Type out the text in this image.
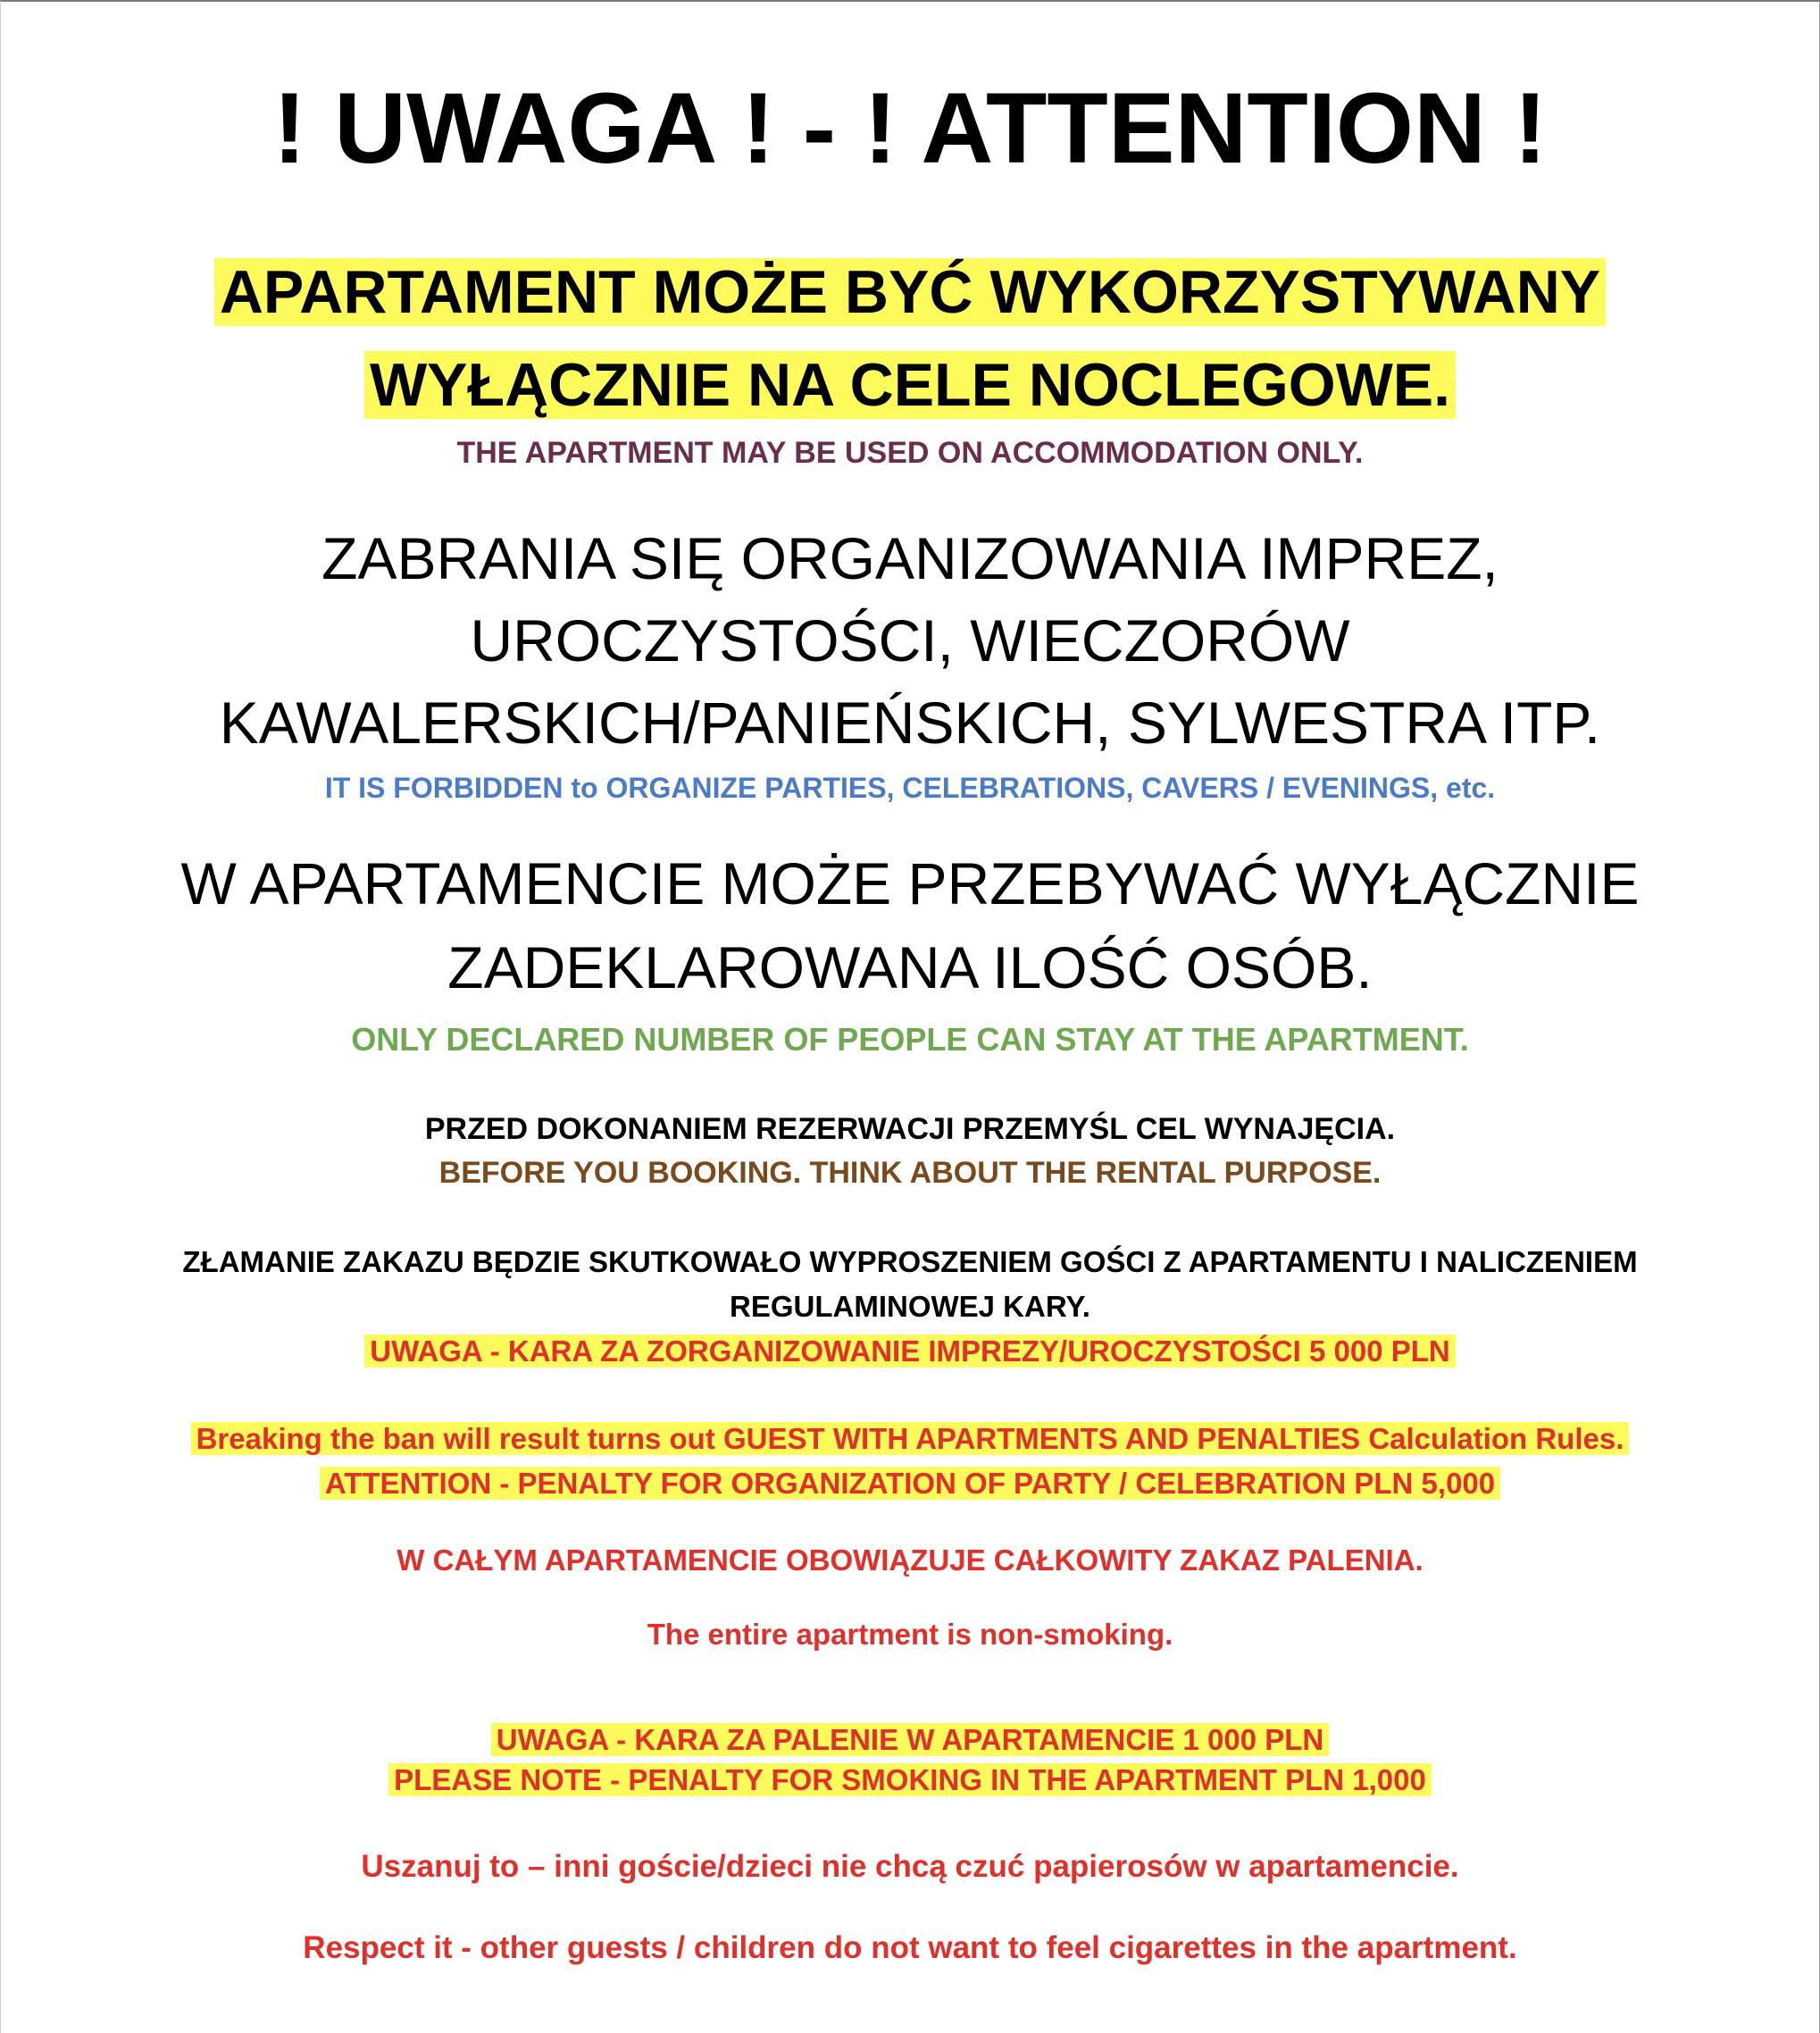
! UWAGA ! - ! ATTENTION !
APARTAMENT MOŻE BYĆ WYKORZYSTYWANY
WYŁĄCZNIE NA CELE NOCLEGOWE.
THE APARTMENT MAY BE USED ON ACCOMMODATION ONLY.
ZABRANIA SIĘ ORGANIZOWANIA IMPREZ,
UROCZYSTOŚCI, WIECZORÓW
KAWALERSKICH/PANIEŃSKICH, SYLWESTRA ITP.
IT IS FORBIDDEN to ORGANIZE PARTIES, CELEBRATIONS, CAVERS / EVENINGS, etc.
W APARTAMENCIE MOŻE PRZEBYWAĆ WYŁĄCZNIE
ZADEKLAROWANA ILOŚĆ OSÓB.
ONLY DECLARED NUMBER OF PEOPLE CAN STAY AT THE APARTMENT.
PRZED DOKONANIEM REZERWACJI PRZEMYŚL CEL WYNAJĘCIA.
BEFORE YOU BOOKING. THINK ABOUT THE RENTAL PURPOSE.
ZŁAMANIE ZAKAZU BĘDZIE SKUTKOWAŁO WYPROSZENIEM GOŚCI Z APARTAMENTU I NALICZENIEM
REGULAMINOWEJ KARY.
UWAGA - KARA ZA ZORGANIZOWANIE IMPREZY/UROCZYSTOŚCI 5 000 PLN
Breaking the ban will result turns out GUEST WITH APARTMENTS AND PENALTIES Calculation Rules.
ATTENTION - PENALTY FOR ORGANIZATION OF PARTY / CELEBRATION PLN 5,000
W CAŁYM APARTAMENCIE OBOWIĄZUJE CAŁKOWITY ZAKAZ PALENIA.
The entire apartment is non-smoking.
UWAGA - KARA ZA PALENIE W APARTAMENCIE 1 000 PLN
PLEASE NOTE - PENALTY FOR SMOKING IN THE APARTMENT PLN 1,000
Uszanuj to – inni goście/dzieci nie chcą czuć papierosów w apartamencie.
Respect it - other guests / children do not want to feel cigarettes in the apartment.
